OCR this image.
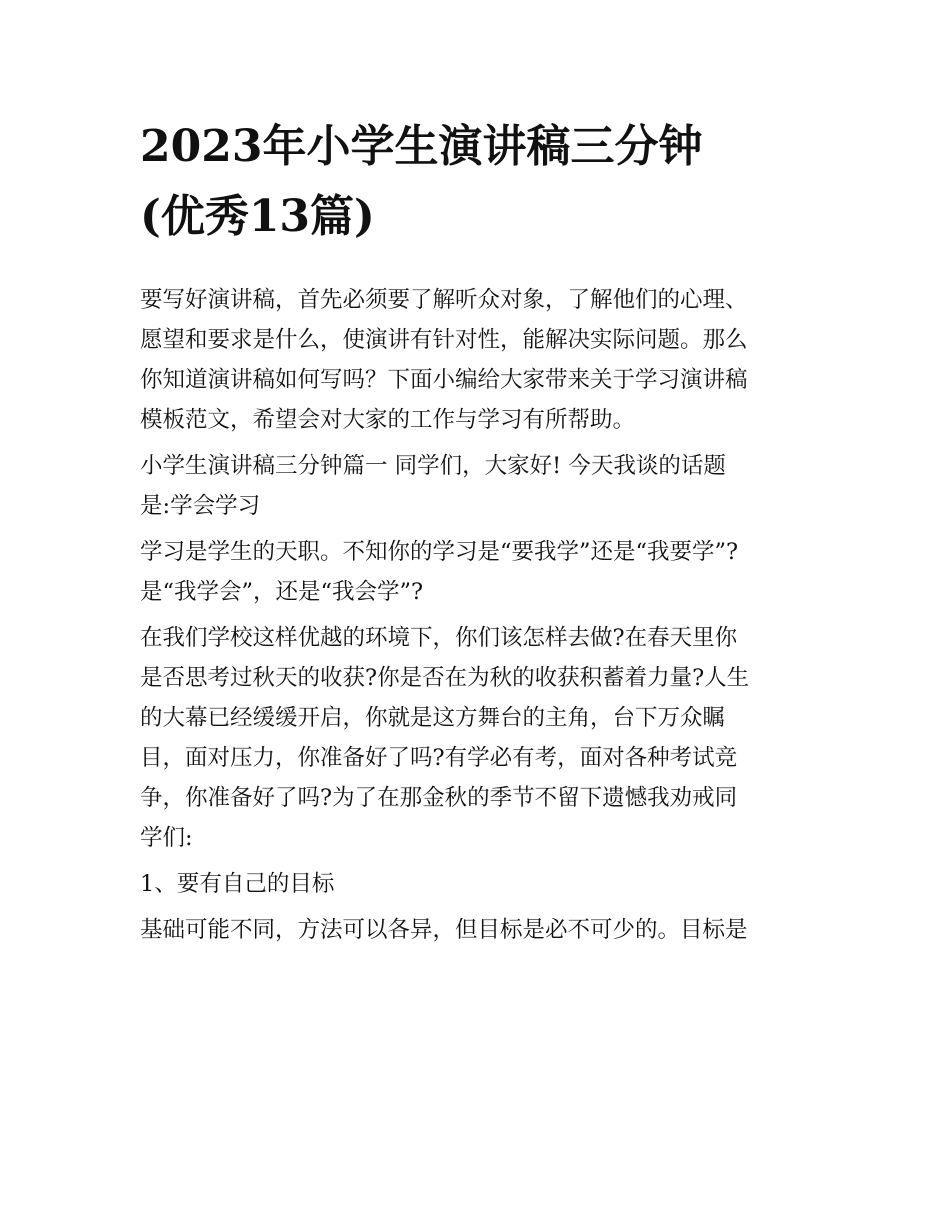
2023年小学生演讲稿三分钟
(优秀13篇)
要写好演讲稿，首先必须要了解听众对象，了解他们的心理、
愿望和要求是什么，使演讲有针对性，能解决实际问题。那么
你知道演讲稿如何写吗？下面小编给大家带来关于学习演讲稿
模板范文，希望会对大家的工作与学习有所帮助。
小学生演讲稿三分钟篇一 同学们，大家好! 今天我谈的话题
是:学会学习
学习是学生的天职。不知你的学习是“要我学”还是“我要学”?
是“我学会”，还是“我会学”?
在我们学校这样优越的环境下，你们该怎样去做?在春天里你
是否思考过秋天的收获?你是否在为秋的收获积蓄着力量?人生
的大幕已经缓缓开启，你就是这方舞台的主角，台下万众瞩
目，面对压力，你准备好了吗?有学必有考，面对各种考试竞
争，你准备好了吗?为了在那金秋的季节不留下遗憾我劝戒同
学们:
1、要有自己的目标
基础可能不同，方法可以各异，但目标是必不可少的。目标是
